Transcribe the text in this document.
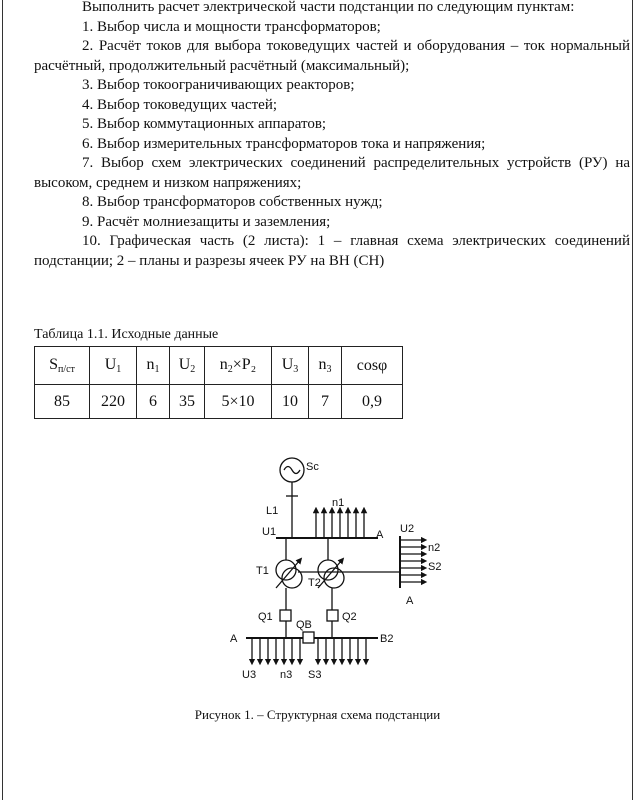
Выполнить расчет электрической части подстанции по следующим пунктам:

1. Выбор числа и мощности трансформаторов;

2. Расчёт токов для выбора токоведущих частей и оборудования – ток нормальный расчётный, продолжительный расчётный (максимальный);

3. Выбор токоограничивающих реакторов;

4. Выбор токоведущих частей;

5. Выбор коммутационных аппаратов;

6. Выбор измерительных трансформаторов тока и напряжения;

7. Выбор схем электрических соединений распределительных устройств (РУ) на высоком, среднем и низком напряжениях;

8. Выбор трансформаторов собственных нужд;

9. Расчёт молниезащиты и заземления;

10. Графическая часть (2 листа): 1 – главная схема электрических соединений подстанции; 2 – планы и разрезы ячеек РУ на ВН (СН)

Таблица 1.1. Исходные данные
$S_{п/ст}$	$U_1$	$n_1$	$U_2$	$n_2\times P_2$	$U_3$	$n_3$	cosφ
85	220	6	35	5×10	10	7	0,9
Sc
L1
U1
n1
A U2
n2
S2
A
T1
T2
Q1	Q2
QB
A	B2
U3 n3 S3
Рисунок 1. – Структурная схема подстанции
